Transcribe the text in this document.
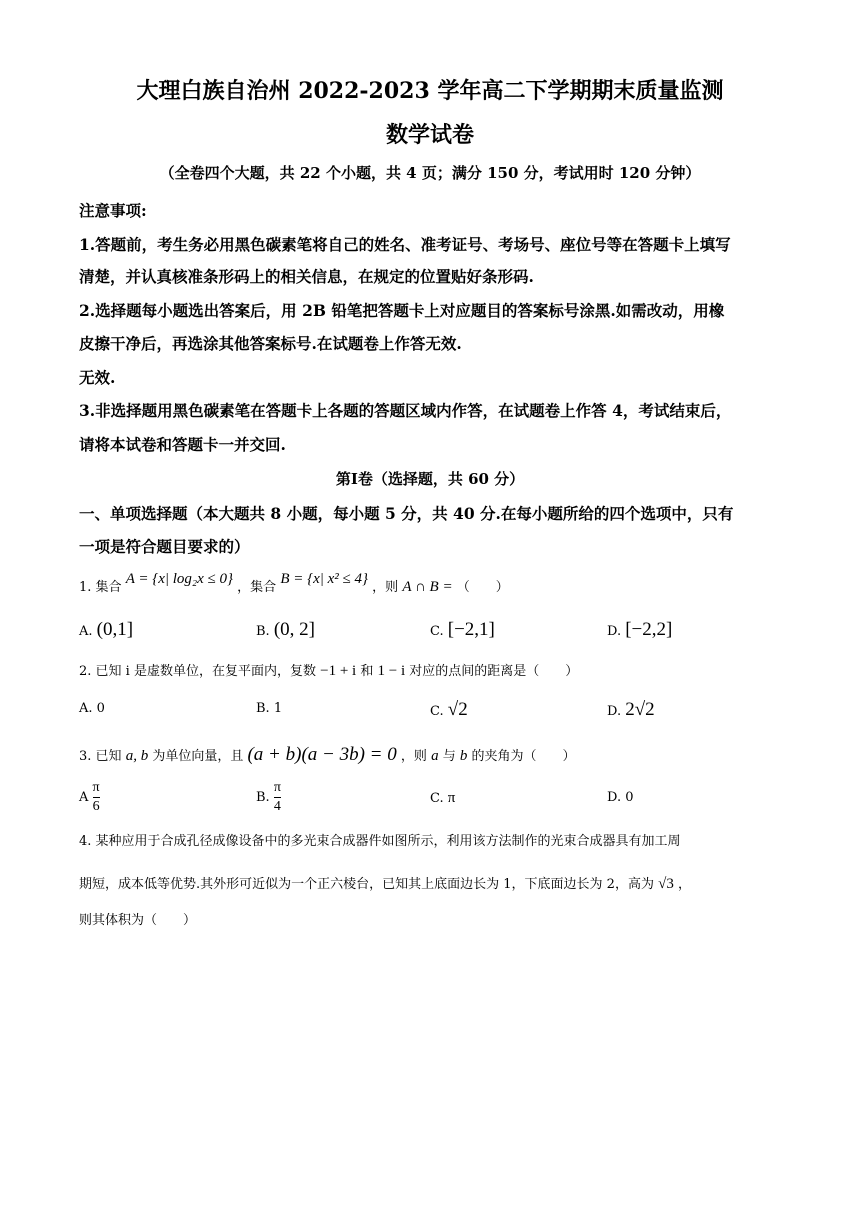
大理白族自治州 2022-2023 学年高二下学期期末质量监测
数学试卷
（全卷四个大题，共 22 个小题，共 4 页；满分 150 分，考试用时 120 分钟）
注意事项:
1.答题前，考生务必用黑色碳素笔将自己的姓名、准考证号、考场号、座位号等在答题卡上填写
清楚，并认真核准条形码上的相关信息，在规定的位置贴好条形码.
2.选择题每小题选出答案后，用 2B 铅笔把答题卡上对应题目的答案标号涂黑.如需改动，用橡
皮擦干净后，再选涂其他答案标号.在试题卷上作答无效.
无效.
3.非选择题用黑色碳素笔在答题卡上各题的答题区域内作答，在试题卷上作答 4，考试结束后，
请将本试卷和答题卡一并交回.
第Ⅰ卷（选择题，共 60 分）
一、单项选择题（本大题共 8 小题，每小题 5 分，共 40 分.在每小题所给的四个选项中，只有
一项是符合题目要求的）
1. 集合 A = {x| log₂x ≤ 0} ，集合 B = {x| x² ≤ 4} ，则 A ∩ B = （　　）
A. (0,1]	B. (0, 2]	C. [−2,1]	D. [−2,2]
2. 已知 i 是虚数单位，在复平面内，复数 −1 + i 和 1 − i 对应的点间的距离是（　　）
A. 0	B. 1	C. √2	D. 2√2
3. 已知 a, b 为单位向量，且 (a + b)(a − 3b) = 0 ，则 a 与 b 的夹角为（　　）
A $\frac{\pi}{6}$	B. $\frac{\pi}{4}$	C. π	D. 0
4. 某种应用于合成孔径成像设备中的多光束合成器件如图所示，利用该方法制作的光束合成器具有加工周
期短，成本低等优势.其外形可近似为一个正六棱台，已知其上底面边长为 1，下底面边长为 2，高为 √3 ，
则其体积为（　　）
